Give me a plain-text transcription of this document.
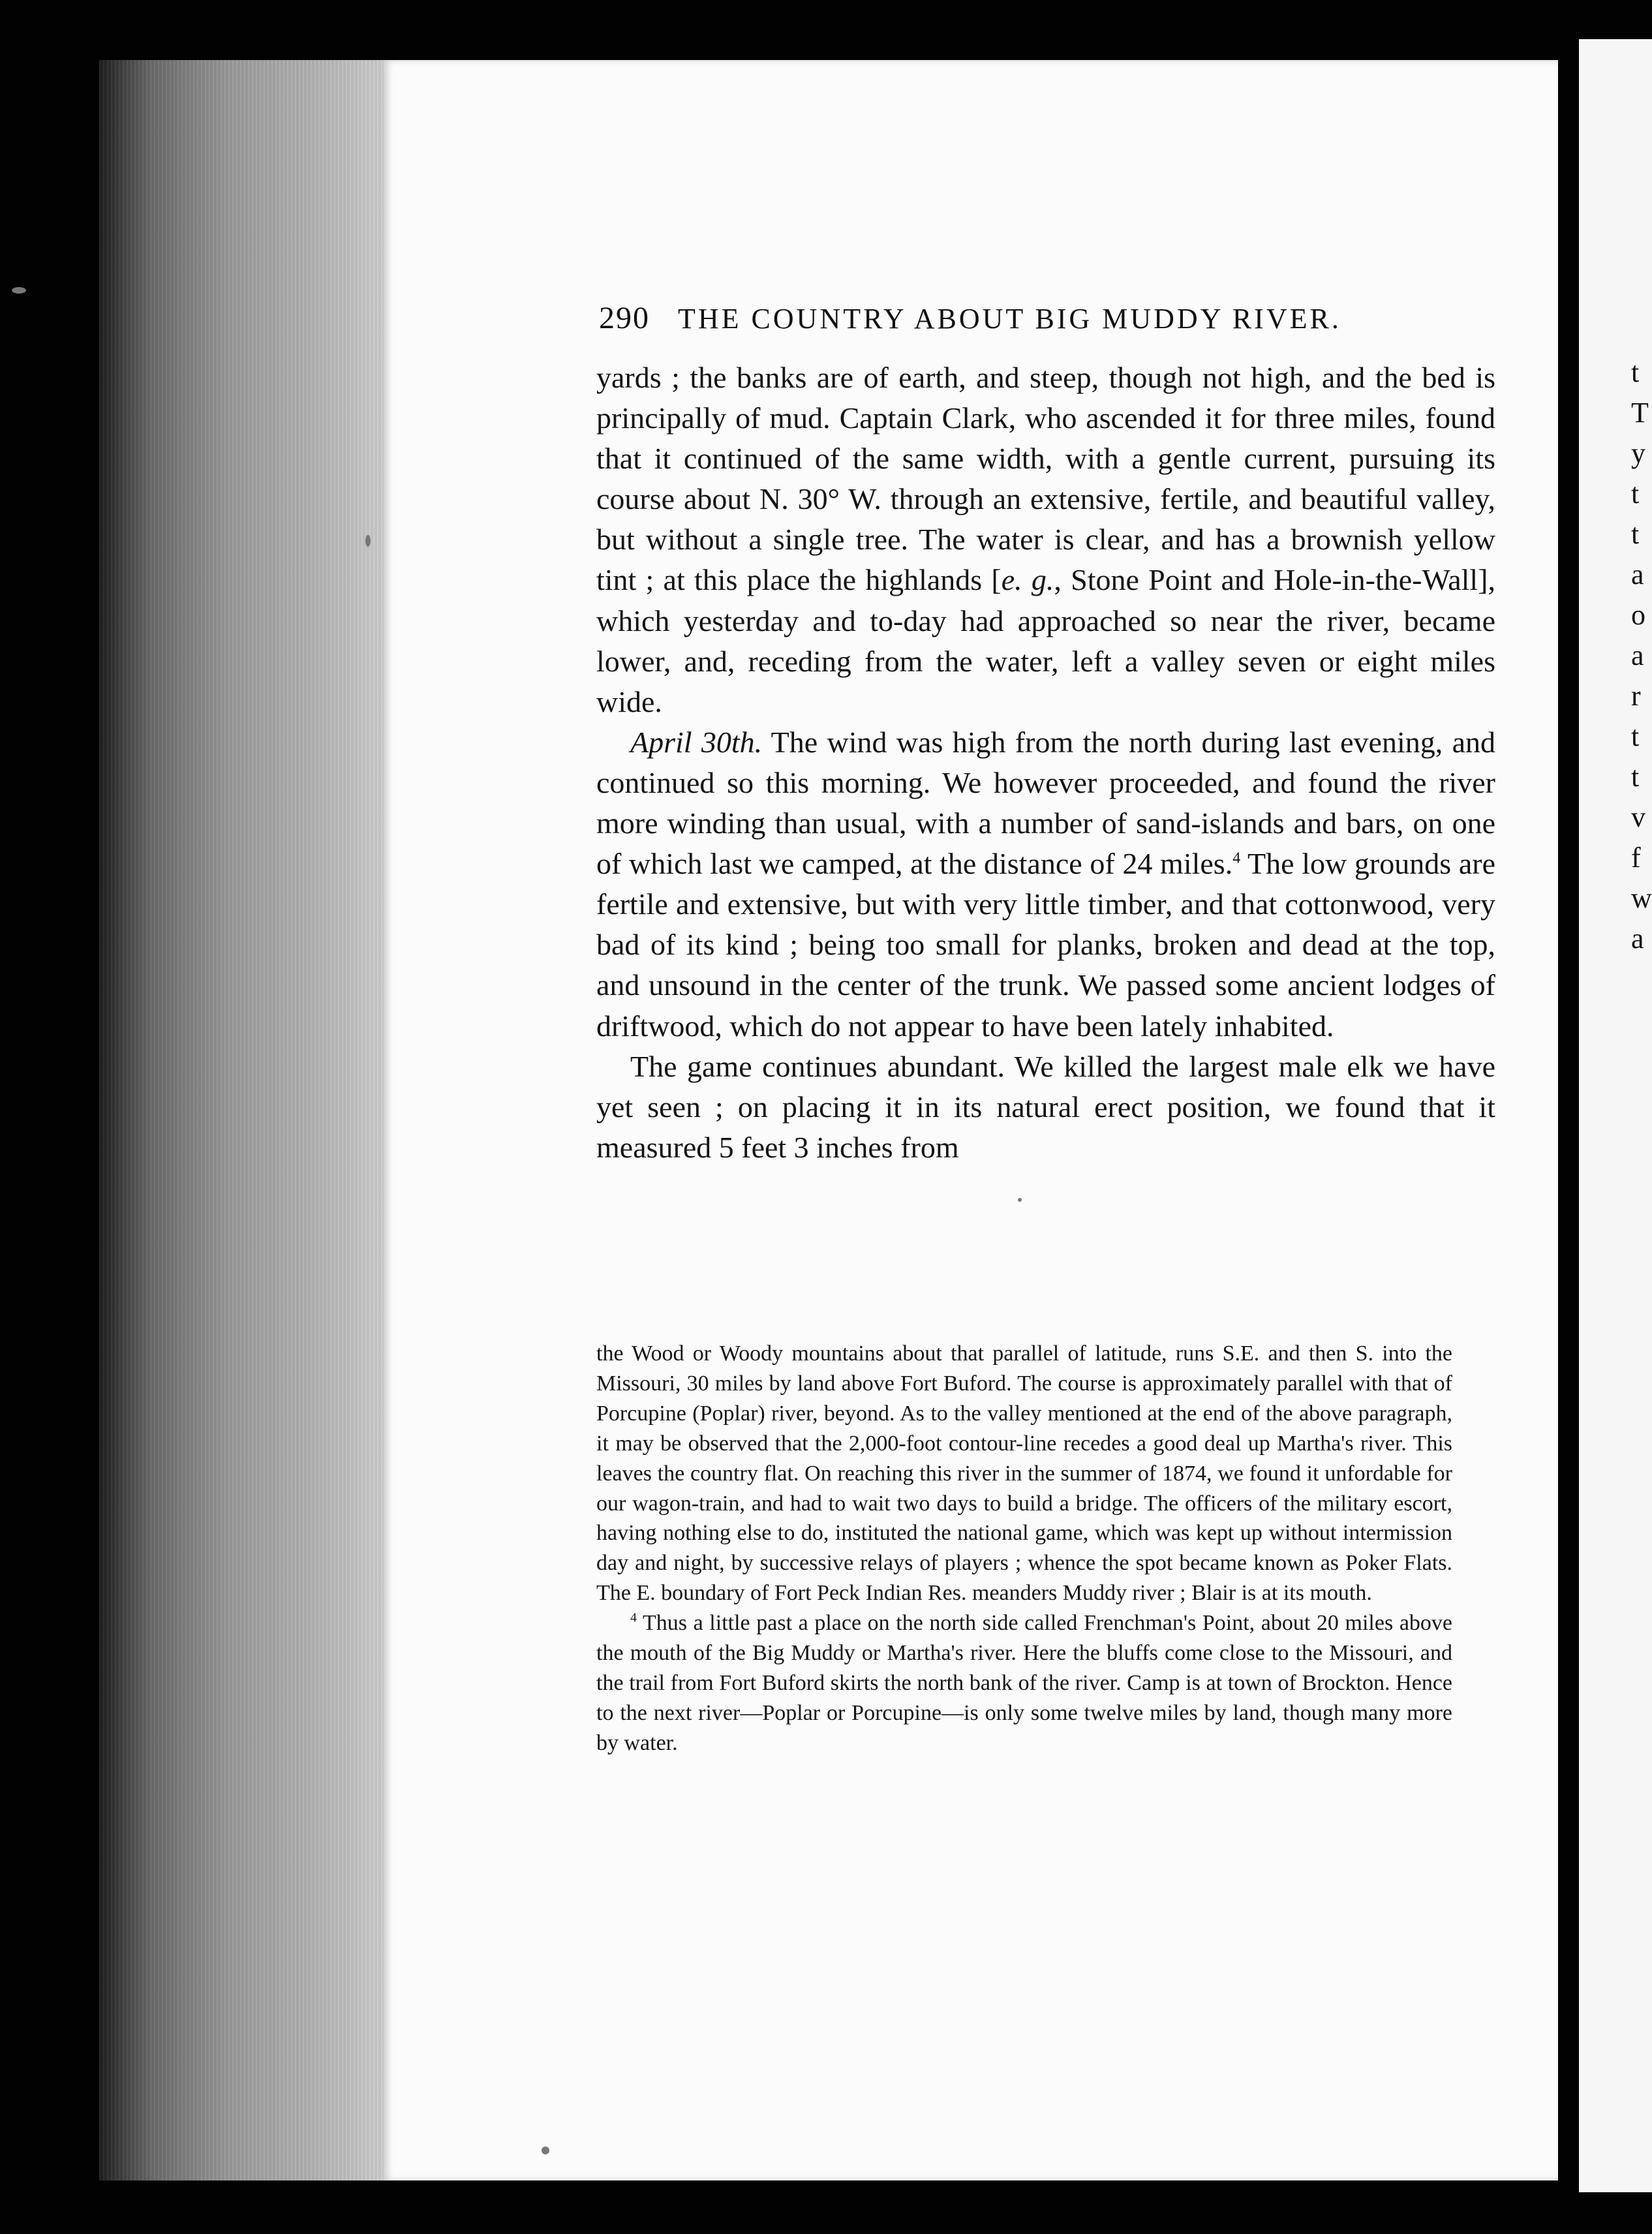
t
T
y
t
t
a
o
a
r
t
t
v
f
w
a
290 THE COUNTRY ABOUT BIG MUDDY RIVER.

yards ; the banks are of earth, and steep, though not high, and the bed is principally of mud. Captain Clark, who ascended it for three miles, found that it continued of the same width, with a gentle current, pursuing its course about N. 30° W. through an extensive, fertile, and beautiful valley, but without a single tree. The water is clear, and has a brownish yellow tint ; at this place the highlands [e. g., Stone Point and Hole-in-the-Wall], which yesterday and to-day had approached so near the river, became lower, and, receding from the water, left a valley seven or eight miles wide.

April 30th. The wind was high from the north during last evening, and continued so this morning. We however proceeded, and found the river more winding than usual, with a number of sand-islands and bars, on one of which last we camped, at the distance of 24 miles.$^4$ The low grounds are fertile and extensive, but with very little timber, and that cottonwood, very bad of its kind ; being too small for planks, broken and dead at the top, and unsound in the center of the trunk. We passed some ancient lodges of driftwood, which do not appear to have been lately inhabited.

The game continues abundant. We killed the largest male elk we have yet seen ; on placing it in its natural erect position, we found that it measured 5 feet 3 inches from

the Wood or Woody mountains about that parallel of latitude, runs S.E. and then S. into the Missouri, 30 miles by land above Fort Buford. The course is approximately parallel with that of Porcupine (Poplar) river, beyond. As to the valley mentioned at the end of the above paragraph, it may be observed that the 2,000-foot contour-line recedes a good deal up Martha's river. This leaves the country flat. On reaching this river in the summer of 1874, we found it unfordable for our wagon-train, and had to wait two days to build a bridge. The officers of the military escort, having nothing else to do, instituted the national game, which was kept up without intermission day and night, by successive relays of players ; whence the spot became known as Poker Flats. The E. boundary of Fort Peck Indian Res. meanders Muddy river ; Blair is at its mouth.

$^4$ Thus a little past a place on the north side called Frenchman's Point, about 20 miles above the mouth of the Big Muddy or Martha's river. Here the bluffs come close to the Missouri, and the trail from Fort Buford skirts the north bank of the river. Camp is at town of Brockton. Hence to the next river—Poplar or Porcupine—is only some twelve miles by land, though many more by water.
